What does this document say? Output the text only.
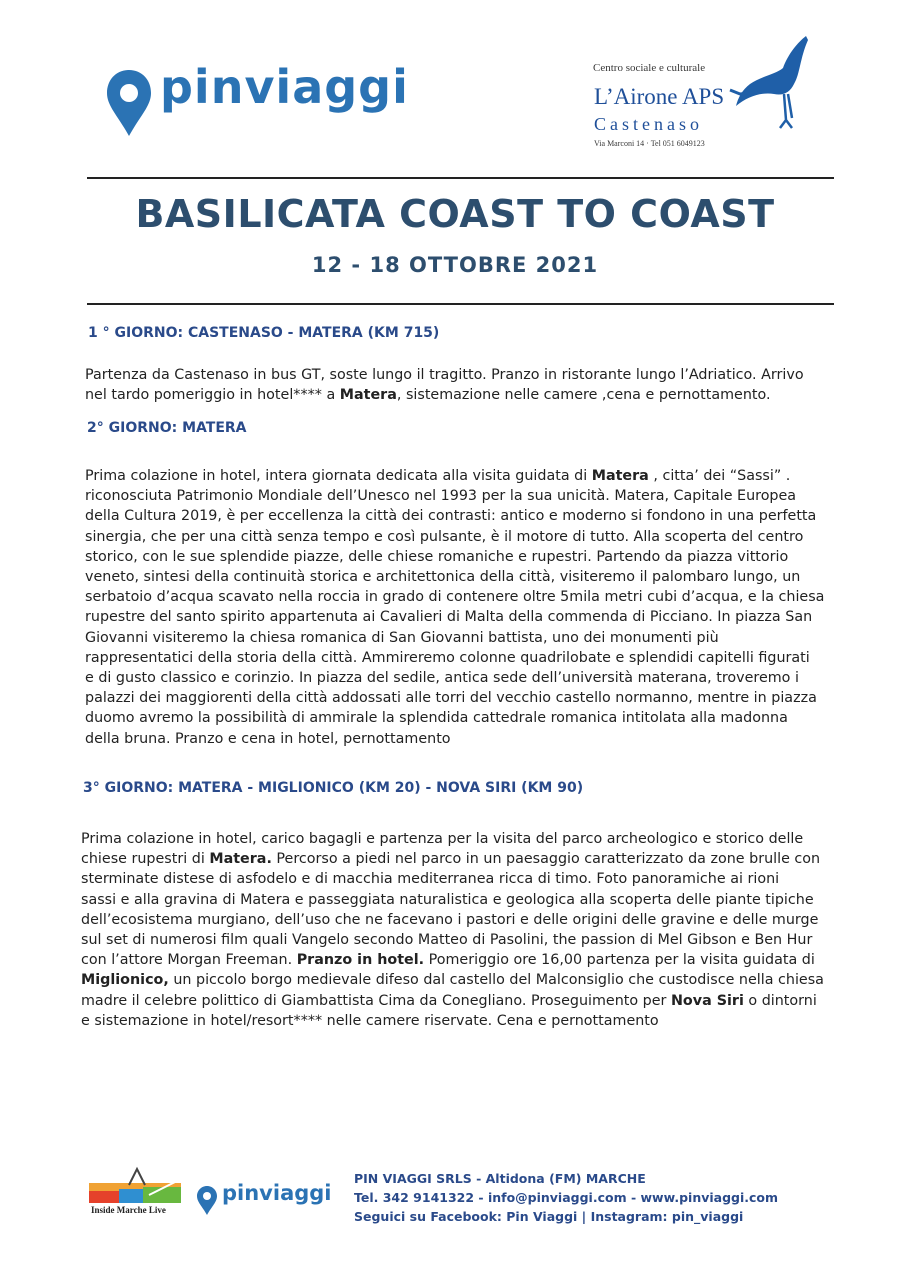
pinviaggi	Centro sociale e culturale
L’Airone APS
Castenaso
Via Marconi 14 · Tel 051 6049123
BASILICATA COAST TO COAST
12 - 18 OTTOBRE 2021
1 ° GIORNO: CASTENASO - MATERA (KM 715)
Partenza da Castenaso in bus GT, soste lungo il tragitto. Pranzo in ristorante lungo l’Adriatico. Arrivo
nel tardo pomeriggio in hotel**** a Matera, sistemazione nelle camere ,cena e pernottamento.
2° GIORNO: MATERA
Prima colazione in hotel, intera giornata dedicata alla visita guidata di Matera , citta’ dei “Sassi” .
riconosciuta Patrimonio Mondiale dell’Unesco nel 1993 per la sua unicità. Matera, Capitale Europea
della Cultura 2019, è per eccellenza la città dei contrasti: antico e moderno si fondono in una perfetta
sinergia, che per una città senza tempo e così pulsante, è il motore di tutto. Alla scoperta del centro
storico, con le sue splendide piazze, delle chiese romaniche e rupestri. Partendo da piazza vittorio
veneto, sintesi della continuità storica e architettonica della città, visiteremo il palombaro lungo, un
serbatoio d’acqua scavato nella roccia in grado di contenere oltre 5mila metri cubi d’acqua, e la chiesa
rupestre del santo spirito appartenuta ai Cavalieri di Malta della commenda di Picciano. In piazza San
Giovanni visiteremo la chiesa romanica di San Giovanni battista, uno dei monumenti più
rappresentatici della storia della città. Ammireremo colonne quadrilobate e splendidi capitelli figurati
e di gusto classico e corinzio. In piazza del sedile, antica sede dell’università materana, troveremo i
palazzi dei maggiorenti della città addossati alle torri del vecchio castello normanno, mentre in piazza
duomo avremo la possibilità di ammirale la splendida cattedrale romanica intitolata alla madonna
della bruna. Pranzo e cena in hotel, pernottamento
3° GIORNO: MATERA - MIGLIONICO (KM 20) - NOVA SIRI (KM 90)
Prima colazione in hotel, carico bagagli e partenza per la visita del parco archeologico e storico delle
chiese rupestri di Matera. Percorso a piedi nel parco in un paesaggio caratterizzato da zone brulle con
sterminate distese di asfodelo e di macchia mediterranea ricca di timo. Foto panoramiche ai rioni
sassi e alla gravina di Matera e passeggiata naturalistica e geologica alla scoperta delle piante tipiche
dell’ecosistema murgiano, dell’uso che ne facevano i pastori e delle origini delle gravine e delle murge
sul set di numerosi film quali Vangelo secondo Matteo di Pasolini, the passion di Mel Gibson e Ben Hur
con l’attore Morgan Freeman. Pranzo in hotel. Pomeriggio ore 16,00 partenza per la visita guidata di
Miglionico, un piccolo borgo medievale difeso dal castello del Malconsiglio che custodisce nella chiesa
madre il celebre polittico di Giambattista Cima da Conegliano. Proseguimento per Nova Siri o dintorni
e sistemazione in hotel/resort**** nelle camere riservate. Cena e pernottamento
Inside Marche Live
pinviaggi
PIN VIAGGI SRLS - Altidona (FM) MARCHE
Tel. 342 9141322 - info@pinviaggi.com - www.pinviaggi.com
Seguici su Facebook: Pin Viaggi | Instagram: pin_viaggi
